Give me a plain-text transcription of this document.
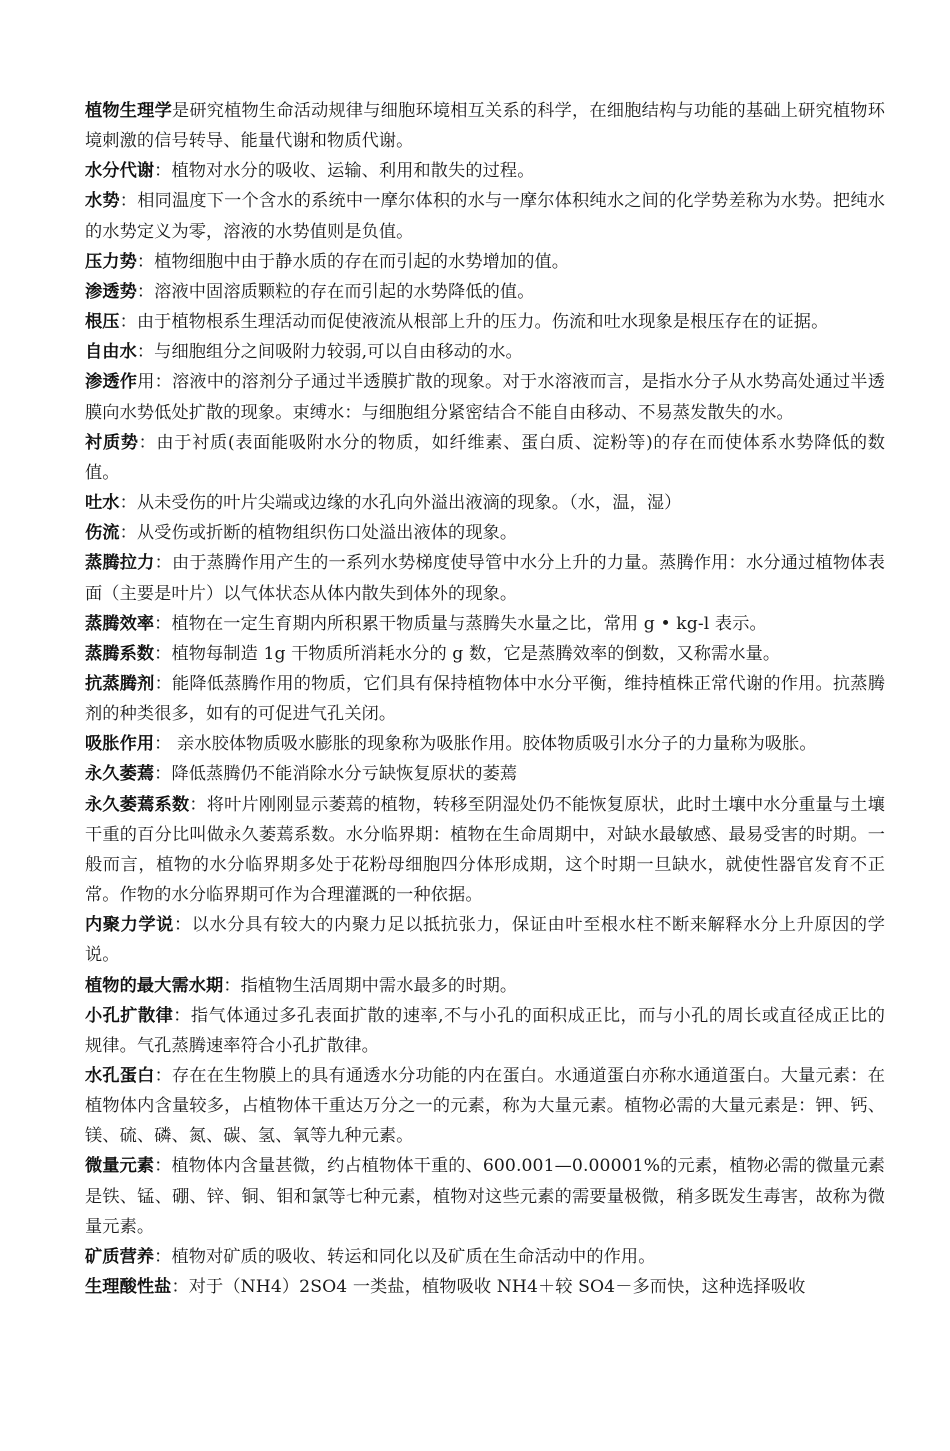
植物生理学是研究植物生命活动规律与细胞环境相互关系的科学，在细胞结构与功能的基础上研究植物环境刺激的信号转导、能量代谢和物质代谢。

水分代谢：植物对水分的吸收、运输、利用和散失的过程。

水势：相同温度下一个含水的系统中一摩尔体积的水与一摩尔体积纯水之间的化学势差称为水势。把纯水的水势定义为零，溶液的水势值则是负值。

压力势：植物细胞中由于静水质的存在而引起的水势增加的值。

渗透势：溶液中固溶质颗粒的存在而引起的水势降低的值。

根压：由于植物根系生理活动而促使液流从根部上升的压力。伤流和吐水现象是根压存在的证据。

自由水：与细胞组分之间吸附力较弱,可以自由移动的水。

渗透作用：溶液中的溶剂分子通过半透膜扩散的现象。对于水溶液而言，是指水分子从水势高处通过半透膜向水势低处扩散的现象。束缚水：与细胞组分紧密结合不能自由移动、不易蒸发散失的水。

衬质势：由于衬质(表面能吸附水分的物质，如纤维素、蛋白质、淀粉等)的存在而使体系水势降低的数值。

吐水：从未受伤的叶片尖端或边缘的水孔向外溢出液滴的现象。（水，温，湿）

伤流：从受伤或折断的植物组织伤口处溢出液体的现象。

蒸腾拉力：由于蒸腾作用产生的一系列水势梯度使导管中水分上升的力量。蒸腾作用：水分通过植物体表面（主要是叶片）以气体状态从体内散失到体外的现象。

蒸腾效率：植物在一定生育期内所积累干物质量与蒸腾失水量之比，常用 g • kg-l 表示。

蒸腾系数：植物每制造 1g 干物质所消耗水分的 g 数，它是蒸腾效率的倒数，又称需水量。

抗蒸腾剂：能降低蒸腾作用的物质，它们具有保持植物体中水分平衡，维持植株正常代谢的作用。抗蒸腾剂的种类很多，如有的可促进气孔关闭。

吸胀作用： 亲水胶体物质吸水膨胀的现象称为吸胀作用。胶体物质吸引水分子的力量称为吸胀。

永久萎蔫：降低蒸腾仍不能消除水分亏缺恢复原状的萎蔫

永久萎蔫系数：将叶片刚刚显示萎蔫的植物，转移至阴湿处仍不能恢复原状，此时土壤中水分重量与土壤干重的百分比叫做永久萎蔫系数。水分临界期：植物在生命周期中，对缺水最敏感、最易受害的时期。一般而言，植物的水分临界期多处于花粉母细胞四分体形成期，这个时期一旦缺水，就使性器官发育不正常。作物的水分临界期可作为合理灌溉的一种依据。

内聚力学说：以水分具有较大的内聚力足以抵抗张力，保证由叶至根水柱不断来解释水分上升原因的学说。

植物的最大需水期：指植物生活周期中需水最多的时期。

小孔扩散律：指气体通过多孔表面扩散的速率,不与小孔的面积成正比，而与小孔的周长或直径成正比的规律。气孔蒸腾速率符合小孔扩散律。

水孔蛋白：存在在生物膜上的具有通透水分功能的内在蛋白。水通道蛋白亦称水通道蛋白。大量元素：在植物体内含量较多，占植物体干重达万分之一的元素，称为大量元素。植物必需的大量元素是：钾、钙、镁、硫、磷、氮、碳、氢、氧等九种元素。

微量元素：植物体内含量甚微，约占植物体干重的、600.001—0.00001%的元素，植物必需的微量元素是铁、锰、硼、锌、铜、钼和氯等七种元素，植物对这些元素的需要量极微，稍多既发生毒害，故称为微量元素。

矿质营养：植物对矿质的吸收、转运和同化以及矿质在生命活动中的作用。

生理酸性盐：对于（NH4）2SO4 一类盐，植物吸收 NH4＋较 SO4－多而快，这种选择吸收
